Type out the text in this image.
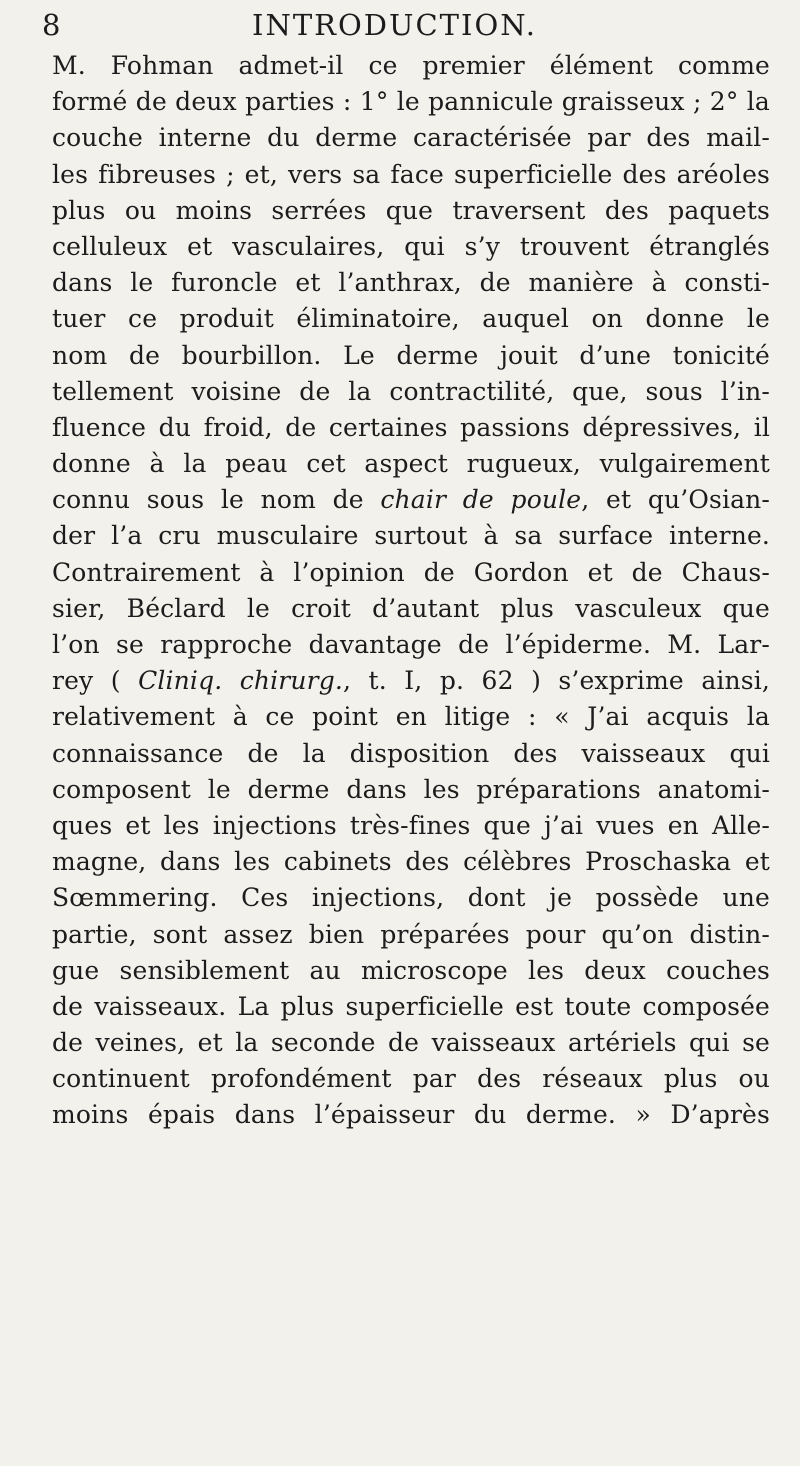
8	INTRODUCTION.
M. Fohman admet-il ce premier élément comme
formé de deux parties : 1° le pannicule graisseux ; 2° la
couche interne du derme caractérisée par des mail-
les fibreuses ; et, vers sa face superficielle des aréoles
plus ou moins serrées que traversent des paquets
celluleux et vasculaires, qui s’y trouvent étranglés
dans le furoncle et l’anthrax, de manière à consti-
tuer ce produit éliminatoire, auquel on donne le
nom de bourbillon. Le derme jouit d’une tonicité
tellement voisine de la contractilité, que, sous l’in-
fluence du froid, de certaines passions dépressives, il
donne à la peau cet aspect rugueux, vulgairement
connu sous le nom de chair de poule, et qu’Osian-
der l’a cru musculaire surtout à sa surface interne.
Contrairement à l’opinion de Gordon et de Chaus-
sier, Béclard le croit d’autant plus vasculeux que
l’on se rapproche davantage de l’épiderme. M. Lar-
rey ( Cliniq. chirurg., t. I, p. 62 ) s’exprime ainsi,
relativement à ce point en litige : « J’ai acquis la
connaissance de la disposition des vaisseaux qui
composent le derme dans les préparations anatomi-
ques et les injections très-fines que j’ai vues en Alle-
magne, dans les cabinets des célèbres Proschaska et
Sœmmering. Ces injections, dont je possède une
partie, sont assez bien préparées pour qu’on distin-
gue sensiblement au microscope les deux couches
de vaisseaux. La plus superficielle est toute composée
de veines, et la seconde de vaisseaux artériels qui se
continuent profondément par des réseaux plus ou
moins épais dans l’épaisseur du derme. » D’après
